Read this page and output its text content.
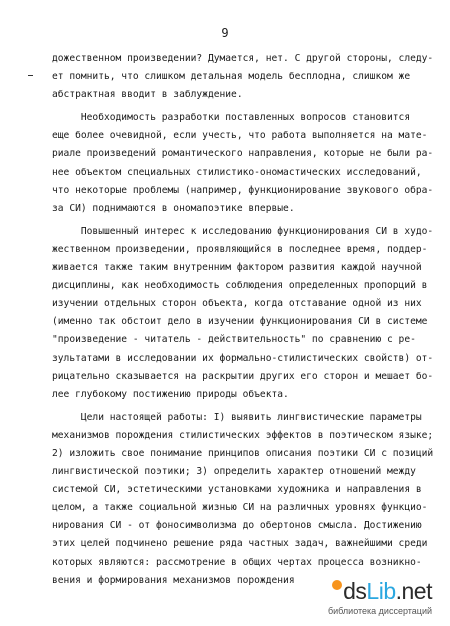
9
дожественном произведении? Думается, нет. С другой стороны, следу-
ет помнить, что слишком детальная модель бесплодна, слишком же
абстрактная вводит в заблуждение.
Необходимость разработки поставленных вопросов становится
еще более очевидной, если учесть, что работа выполняется на мате-
риале произведений романтического направления, которые не были ра-
нее объектом специальных стилистико-ономастических исследований,
что некоторые проблемы (например, функционирование звукового обра-
за СИ) поднимаются в ономапоэтике впервые.
Повышенный интерес к исследованию функционирования СИ в худо-
жественном произведении, проявляющийся в последнее время, поддер-
живается также таким внутренним фактором развития каждой научной
дисциплины, как необходимость соблюдения определенных пропорций в
изучении отдельных сторон объекта, когда отставание одной из них
(именно так обстоит дело в изучении функционирования СИ в системе
"произведение - читатель - действительность" по сравнению с ре-
зультатами в исследовании их формально-стилистических свойств) от-
рицательно сказывается на раскрытии других его сторон и мешает бо-
лее глубокому постижению природы объекта.
Цели настоящей работы: I) выявить лингвистические параметры
механизмов порождения стилистических эффектов в поэтическом языке;
2) изложить свое понимание принципов описания поэтики СИ с позиций
лингвистической поэтики; 3) определить характер отношений между
системой СИ, эстетическими установками художника и направления в
целом, а также социальной жизнью СИ на различных уровнях функцио-
нирования СИ - от фоносимволизма до обертонов смысла. Достижению
этих целей подчинено решение ряда частных задач, важнейшими среди
которых являются: рассмотрение в общих чертах процесса возникно-
вения и формирования механизмов порождения	dsLib.net
библиотека диссертаций
